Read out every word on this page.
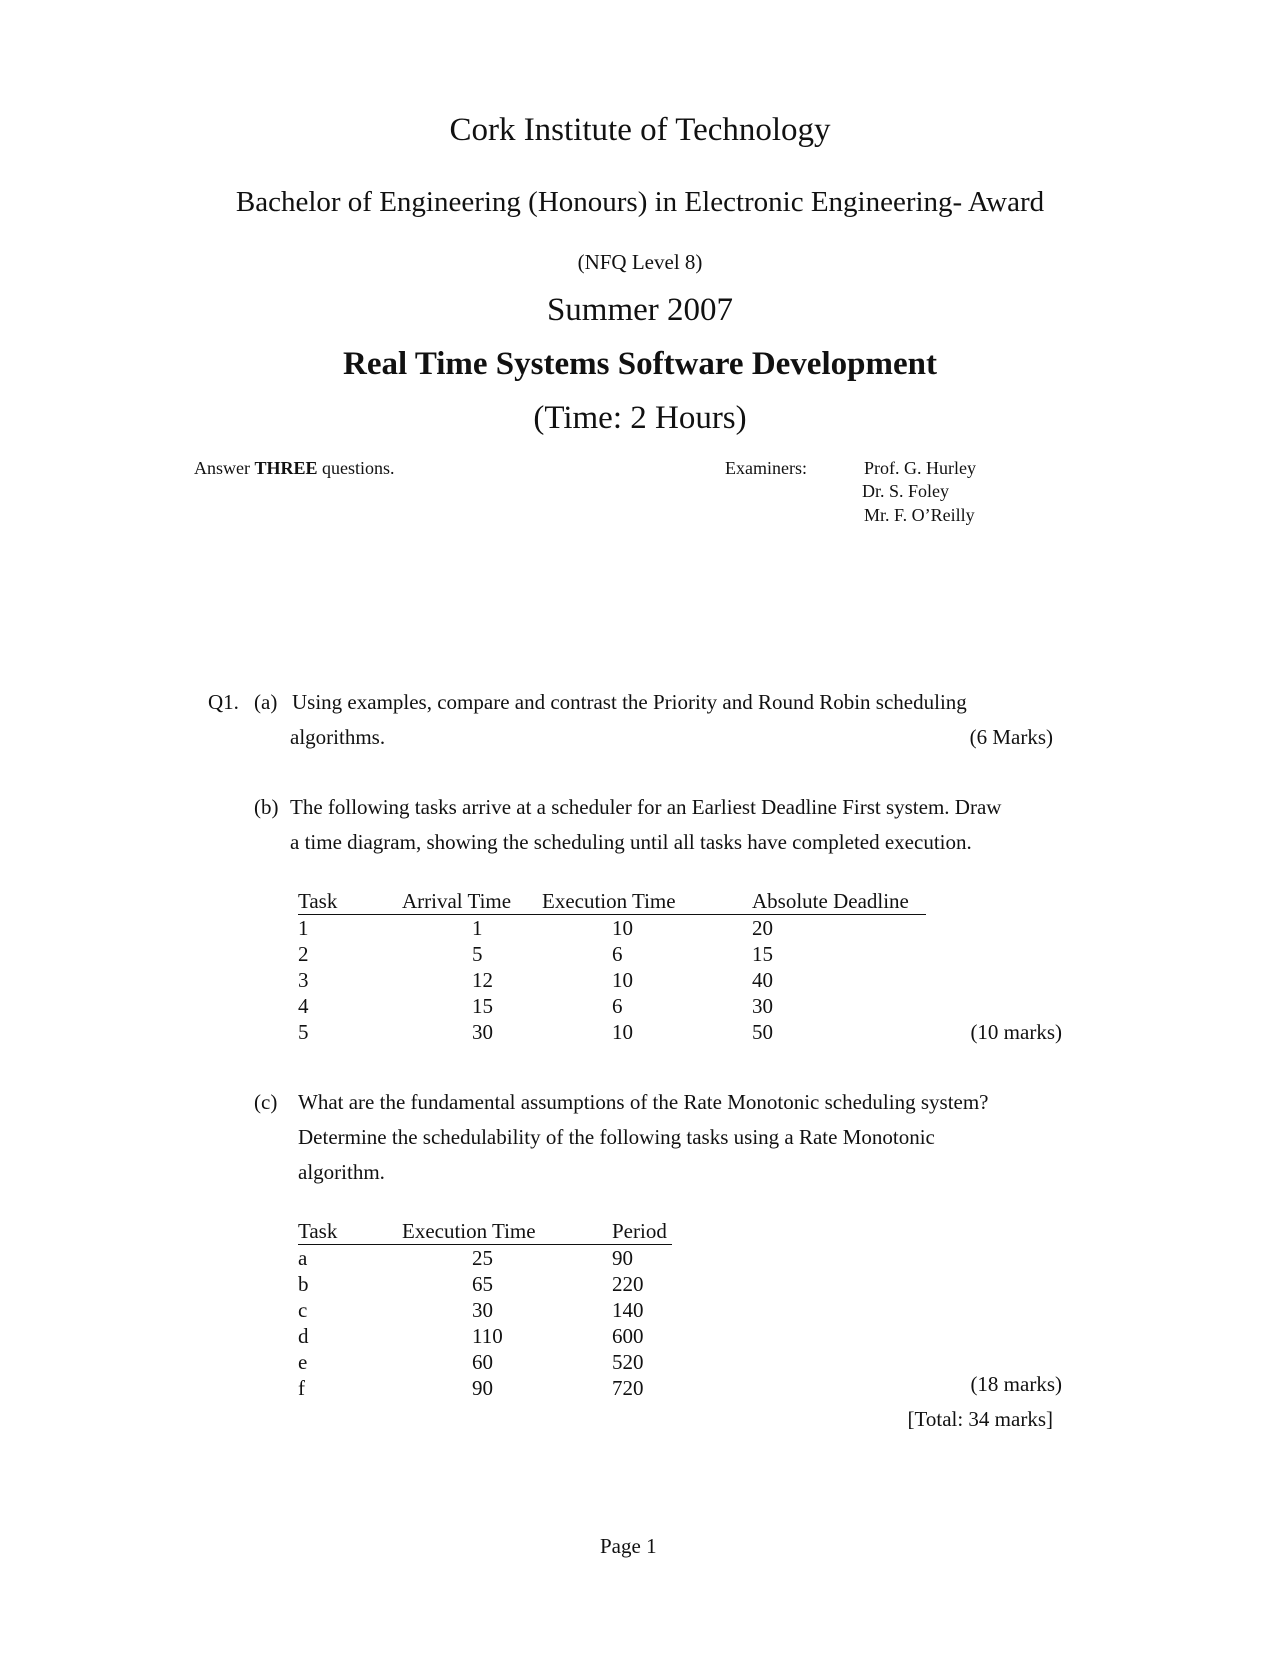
Cork Institute of Technology
Bachelor of Engineering (Honours) in Electronic Engineering- Award
(NFQ Level 8)
Summer 2007
Real Time Systems Software Development
(Time: 2 Hours)
Answer THREE questions.	Examiners:	Prof. G. Hurley
Dr. S. Foley
Mr. F. O’Reilly
Q1. (a) Using examples, compare and contrast the Priority and Round Robin scheduling
algorithms.	(6 Marks)
(b) The following tasks arrive at a scheduler for an Earliest Deadline First system. Draw
a time diagram, showing the scheduling until all tasks have completed execution.
Task	Arrival Time	Execution Time	Absolute Deadline
1	1	10	20
2	5	6	15
3	12	10	40
4	15	6	30
5	30	10	50	(10 marks)
(c) What are the fundamental assumptions of the Rate Monotonic scheduling system?
Determine the schedulability of the following tasks using a Rate Monotonic
algorithm.
Task	Execution Time	Period
a	25	90
b	65	220
c	30	140
d	110	600
e	60	520
f	90	720	(18 marks)
[Total: 34 marks]
Page 1
